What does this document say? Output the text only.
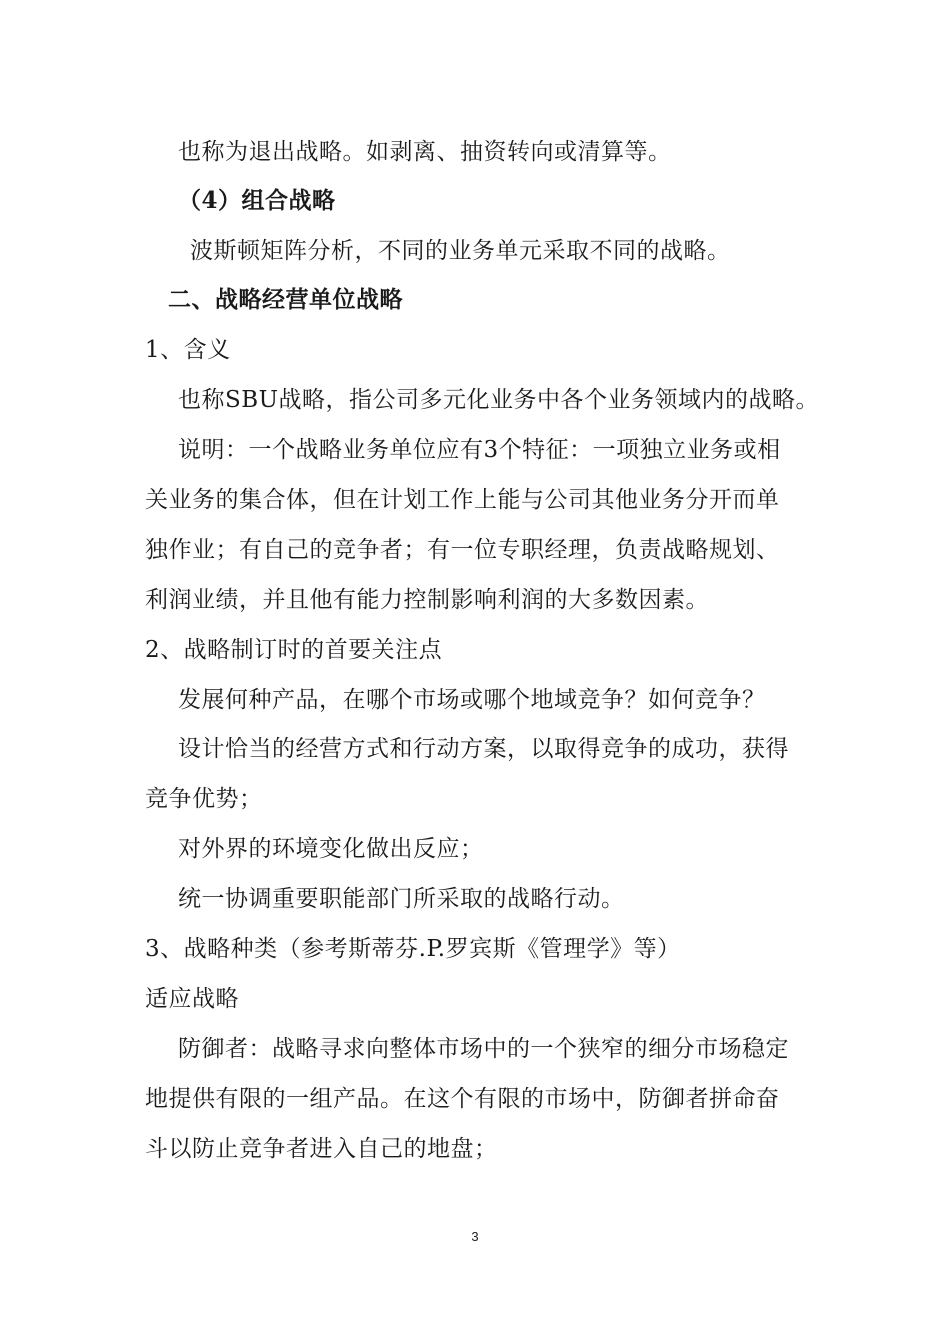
也称为退出战略。如剥离、抽资转向或清算等。
（4）组合战略
波斯顿矩阵分析，不同的业务单元采取不同的战略。
二、战略经营单位战略
1、含义
也称SBU战略，指公司多元化业务中各个业务领域内的战略。
说明：一个战略业务单位应有3个特征：一项独立业务或相
关业务的集合体，但在计划工作上能与公司其他业务分开而单
独作业；有自己的竞争者；有一位专职经理，负责战略规划、
利润业绩，并且他有能力控制影响利润的大多数因素。
2、战略制订时的首要关注点
发展何种产品，在哪个市场或哪个地域竞争？如何竞争？
设计恰当的经营方式和行动方案，以取得竞争的成功，获得
竞争优势；
对外界的环境变化做出反应；
统一协调重要职能部门所采取的战略行动。
3、战略种类（参考斯蒂芬.P.罗宾斯《管理学》等）
适应战略
防御者：战略寻求向整体市场中的一个狭窄的细分市场稳定
地提供有限的一组产品。在这个有限的市场中，防御者拼命奋
斗以防止竞争者进入自己的地盘；
3
